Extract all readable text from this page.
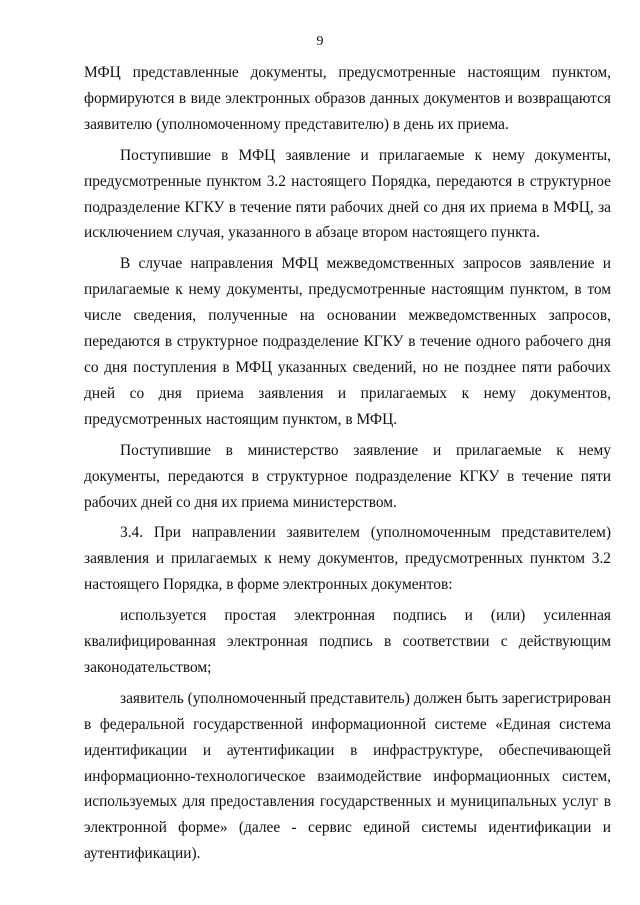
9

МФЦ представленные документы, предусмотренные настоящим пунктом, формируются в виде электронных образов данных документов и возвращаются заявителю (уполномоченному представителю) в день их приема.

Поступившие в МФЦ заявление и прилагаемые к нему документы, предусмотренные пунктом 3.2 настоящего Порядка, передаются в структурное подразделение КГКУ в течение пяти рабочих дней со дня их приема в МФЦ, за исключением случая, указанного в абзаце втором настоящего пункта.

В случае направления МФЦ межведомственных запросов заявление и прилагаемые к нему документы, предусмотренные настоящим пунктом, в том числе сведения, полученные на основании межведомственных запросов, передаются в структурное подразделение КГКУ в течение одного рабочего дня со дня поступления в МФЦ указанных сведений, но не позднее пяти рабочих дней со дня приема заявления и прилагаемых к нему документов, предусмотренных настоящим пунктом, в МФЦ.

Поступившие в министерство заявление и прилагаемые к нему документы, передаются в структурное подразделение КГКУ в течение пяти рабочих дней со дня их приема министерством.

3.4. При направлении заявителем (уполномоченным представителем) заявления и прилагаемых к нему документов, предусмотренных пунктом 3.2 настоящего Порядка, в форме электронных документов:

используется простая электронная подпись и (или) усиленная квалифицированная электронная подпись в соответствии с действующим законодательством;

заявитель (уполномоченный представитель) должен быть зарегистрирован в федеральной государственной информационной системе «Единая система идентификации и аутентификации в инфраструктуре, обеспечивающей информационно-технологическое взаимодействие информационных систем, используемых для предоставления государственных и муниципальных услуг в электронной форме» (далее - сервис единой системы идентификации и аутентификации).
